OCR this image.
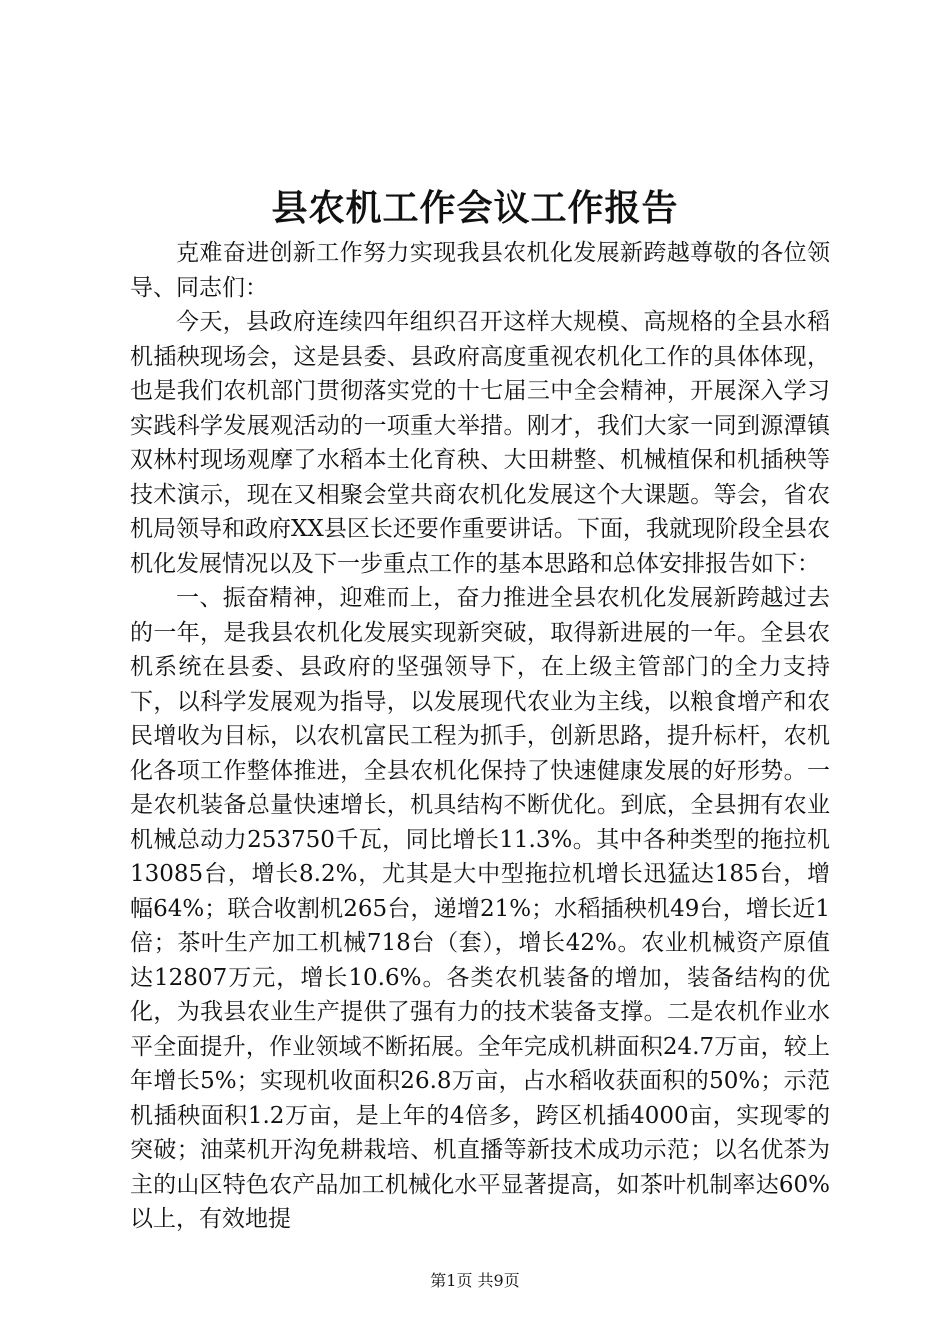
县农机工作会议工作报告

克难奋进创新工作努力实现我县农机化发展新跨越尊敬的各位领导、同志们：

今天，县政府连续四年组织召开这样大规模、高规格的全县水稻机插秧现场会，这是县委、县政府高度重视农机化工作的具体体现，也是我们农机部门贯彻落实党的十七届三中全会精神，开展深入学习实践科学发展观活动的一项重大举措。刚才，我们大家一同到源潭镇双林村现场观摩了水稻本土化育秧、大田耕整、机械植保和机插秧等技术演示，现在又相聚会堂共商农机化发展这个大课题。等会，省农机局领导和政府XX县区长还要作重要讲话。下面，我就现阶段全县农机化发展情况以及下一步重点工作的基本思路和总体安排报告如下：

一、振奋精神，迎难而上，奋力推进全县农机化发展新跨越过去的一年，是我县农机化发展实现新突破，取得新进展的一年。全县农机系统在县委、县政府的坚强领导下，在上级主管部门的全力支持下，以科学发展观为指导，以发展现代农业为主线，以粮食增产和农民增收为目标，以农机富民工程为抓手，创新思路，提升标杆，农机化各项工作整体推进，全县农机化保持了快速健康发展的好形势。一是农机装备总量快速增长，机具结构不断优化。到底，全县拥有农业机械总动力253750千瓦，同比增长11.3%。其中各种类型的拖拉机13085台，增长8.2%，尤其是大中型拖拉机增长迅猛达185台，增幅64%；联合收割机265台，递增21%；水稻插秧机49台，增长近1倍；茶叶生产加工机械718台（套），增长42%。农业机械资产原值达12807万元，增长10.6%。各类农机装备的增加，装备结构的优化，为我县农业生产提供了强有力的技术装备支撑。二是农机作业水平全面提升，作业领域不断拓展。全年完成机耕面积24.7万亩，较上年增长5%；实现机收面积26.8万亩，占水稻收获面积的50%；示范机插秧面积1.2万亩，是上年的4倍多，跨区机插4000亩，实现零的突破；油菜机开沟免耕栽培、机直播等新技术成功示范；以名优茶为主的山区特色农产品加工机械化水平显著提高，如茶叶机制率达60%以上，有效地提

第1页 共9页
